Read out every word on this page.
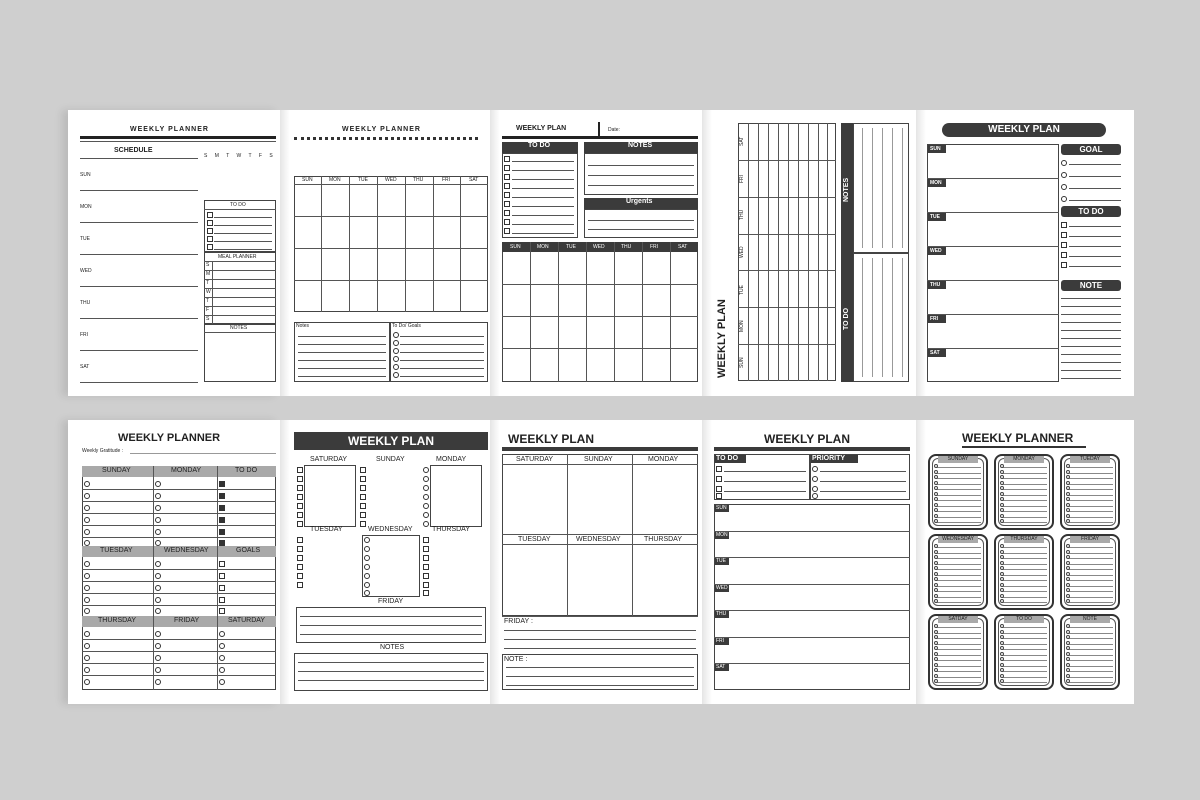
WEEKLY PLANNER
SCHEDULE
S M T W T F S
SUN
MON
TUE
WED
THU
FRI
SAT
TO DO
MEAL PLANNER
S
M
T
W
T
F
S
NOTES
WEEKLY PLANNER
SUN	MON	TUE	WED	THU	FRI	SAT
Notes	To Do/ Goals
WEEKLY PLAN	Date:
TO DO	NOTES
Urgents
SUN	MON	TUE	WED	THU	FRI	SAT
WEEKLY PLAN
SAT
FRI
THU
WED
TUE
MON
SUN
NOTES
TO DO
WEEKLY PLAN
SUN
MON
TUE
WED
THU
FRI
SAT
GOAL
TO DO
NOTE
WEEKLY PLANNER
Weekly Gratitude :
SUNDAY	MONDAY	TO DO
TUESDAY	WEDNESDAY	GOALS
THURSDAY	FRIDAY	SATURDAY
WEEKLY PLAN
SATURDAY	SUNDAY	MONDAY
TUESDAY	WEDNESDAY	THURSDAY
FRIDAY
NOTES
WEEKLY PLAN
SATURDAY	SUNDAY	MONDAY
TUESDAY	WEDNESDAY	THURSDAY
FRIDAY :
NOTE :
WEEKLY PLAN
TO DO	PRIORITY
SUN
MON
TUE
WED
THU
FRI
SAT
WEEKLY PLANNER
SUNDAY	MONDAY	TUEDAY
WEDNESDAY	THURSDAY	FRIDAY
SATDAY	TO DO	NOTE
